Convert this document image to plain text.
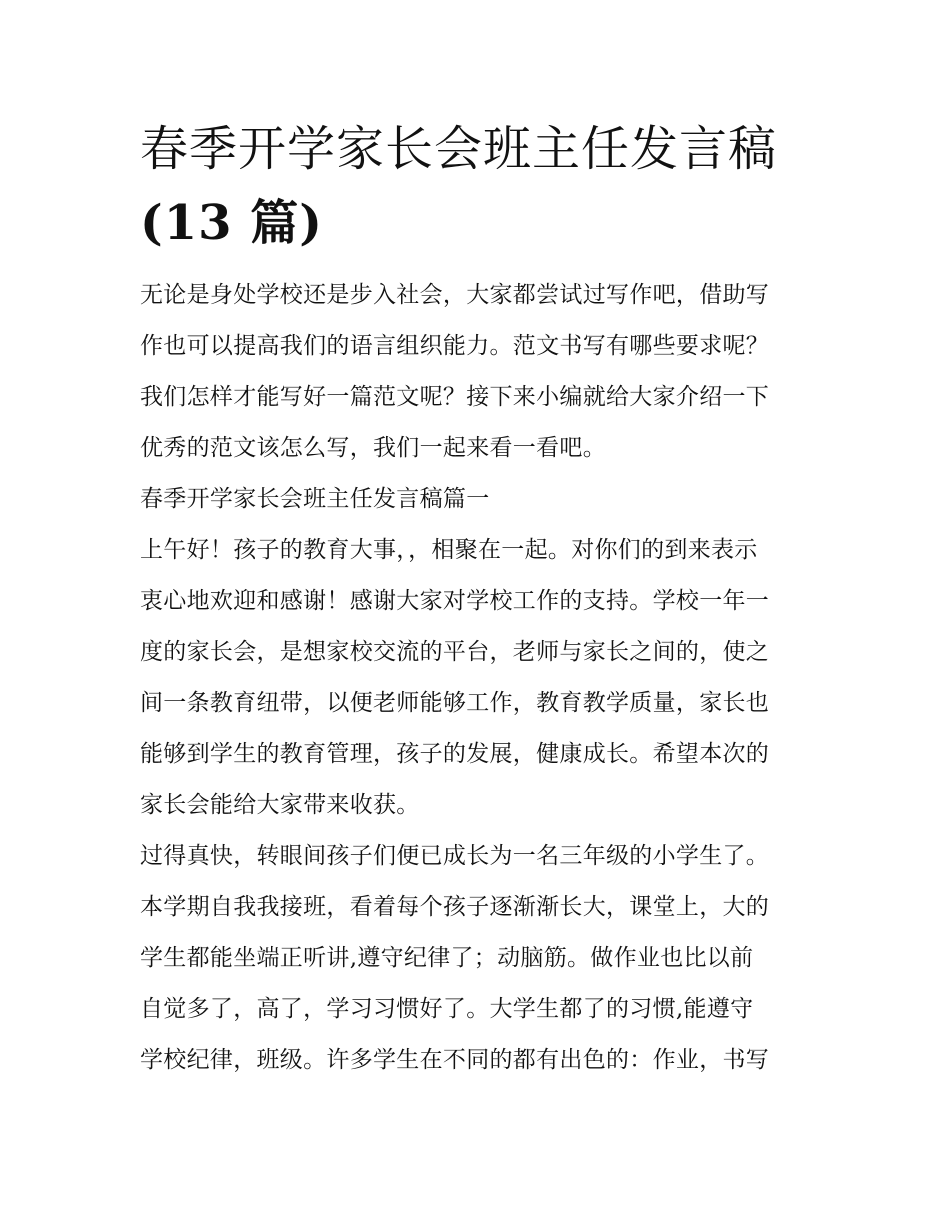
春季开学家长会班主任发言稿
(13 篇)

无论是身处学校还是步入社会，大家都尝试过写作吧，借助写
作也可以提高我们的语言组织能力。范文书写有哪些要求呢？
我们怎样才能写好一篇范文呢？接下来小编就给大家介绍一下
优秀的范文该怎么写，我们一起来看一看吧。

春季开学家长会班主任发言稿篇一

上午好！孩子的教育大事，，相聚在一起。对你们的到来表示
衷心地欢迎和感谢！感谢大家对学校工作的支持。学校一年一
度的家长会，是想家校交流的平台，老师与家长之间的，使之
间一条教育纽带，以便老师能够工作，教育教学质量，家长也
能够到学生的教育管理，孩子的发展，健康成长。希望本次的
家长会能给大家带来收获。

过得真快，转眼间孩子们便已成长为一名三年级的小学生了。
本学期自我我接班，看着每个孩子逐渐渐长大，课堂上，大的
学生都能坐端正听讲,遵守纪律了；动脑筋。做作业也比以前
自觉多了，高了，学习习惯好了。大学生都了的习惯,能遵守
学校纪律，班级。许多学生在不同的都有出色的：作业，书写
